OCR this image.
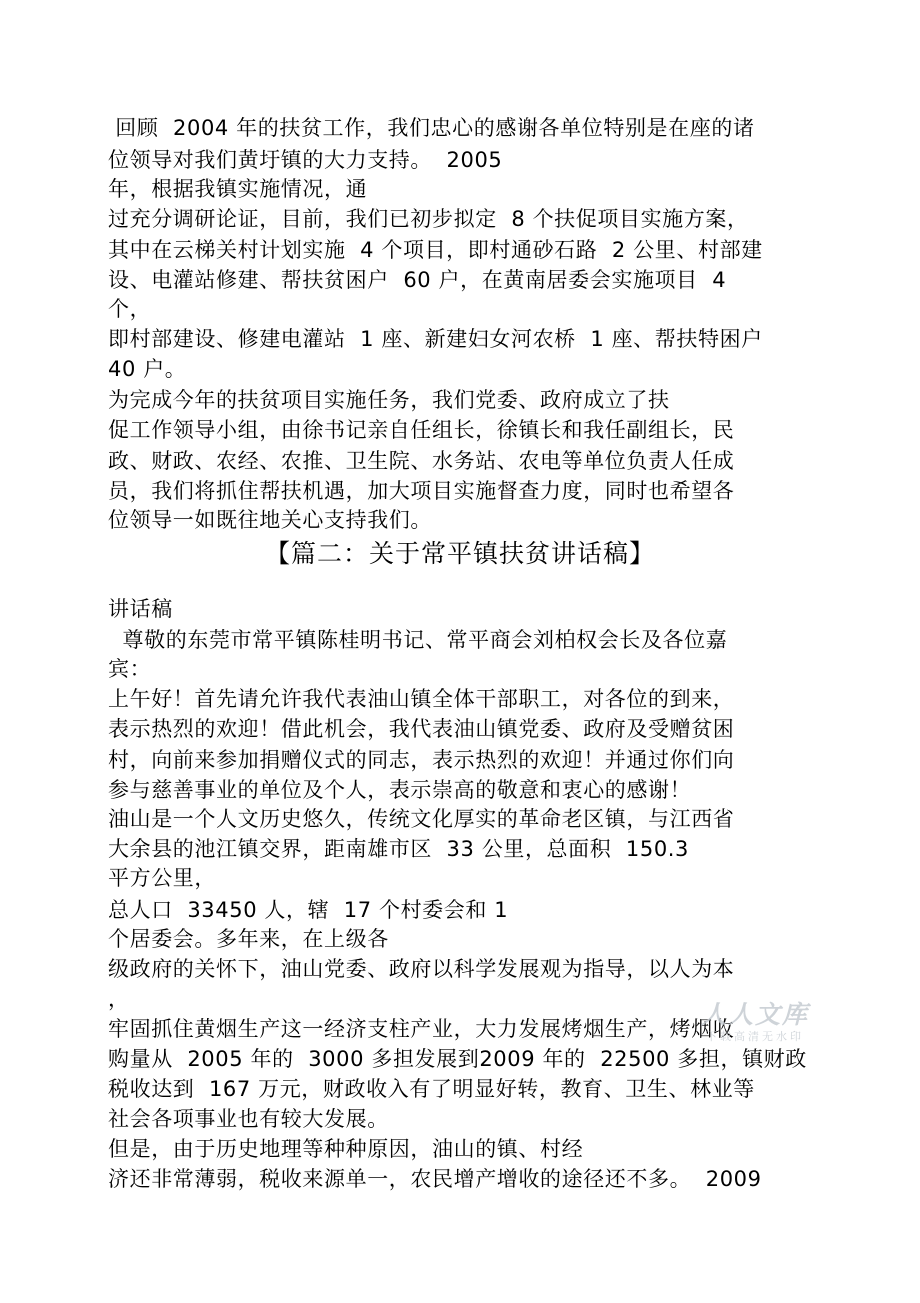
回顾  2004 年的扶贫工作，我们忠心的感谢各单位特别是在座的诸
位领导对我们黄圩镇的大力支持。  2005
年，根据我镇实施情况，通
过充分调研论证，目前，我们已初步拟定  8 个扶促项目实施方案，
其中在云梯关村计划实施  4 个项目，即村通砂石路  2 公里、村部建
设、电灌站修建、帮扶贫困户  60 户，在黄南居委会实施项目  4
个，
即村部建设、修建电灌站  1 座、新建妇女河农桥  1 座、帮扶特困户
40 户。
为完成今年的扶贫项目实施任务，我们党委、政府成立了扶
促工作领导小组，由徐书记亲自任组长，徐镇长和我任副组长，民
政、财政、农经、农推、卫生院、水务站、农电等单位负责人任成
员，我们将抓住帮扶机遇，加大项目实施督查力度，同时也希望各
位领导一如既往地关心支持我们。
【篇二：关于常平镇扶贫讲话稿】
讲话稿
尊敬的东莞市常平镇陈桂明书记、常平商会刘柏权会长及各位嘉
宾：
上午好！首先请允许我代表油山镇全体干部职工，对各位的到来，
表示热烈的欢迎！借此机会，我代表油山镇党委、政府及受赠贫困
村，向前来参加捐赠仪式的同志，表示热烈的欢迎！并通过你们向
参与慈善事业的单位及个人，表示崇高的敬意和衷心的感谢！
油山是一个人文历史悠久，传统文化厚实的革命老区镇，与江西省
大余县的池江镇交界，距南雄市区  33 公里，总面积  150.3
平方公里，
总人口  33450 人，辖  17 个村委会和 1
个居委会。多年来，在上级各
级政府的关怀下，油山党委、政府以科学发展观为指导，以人为本
，
牢固抓住黄烟生产这一经济支柱产业，大力发展烤烟生产，烤烟收
购量从  2005 年的  3000 多担发展到2009 年的  22500 多担，镇财政
税收达到  167 万元，财政收入有了明显好转，教育、卫生、林业等
社会各项事业也有较大发展。
但是，由于历史地理等种种原因，油山的镇、村经
济还非常薄弱，税收来源单一，农民增产增收的途径还不多。  2009
人人文库
下载高清无水印
